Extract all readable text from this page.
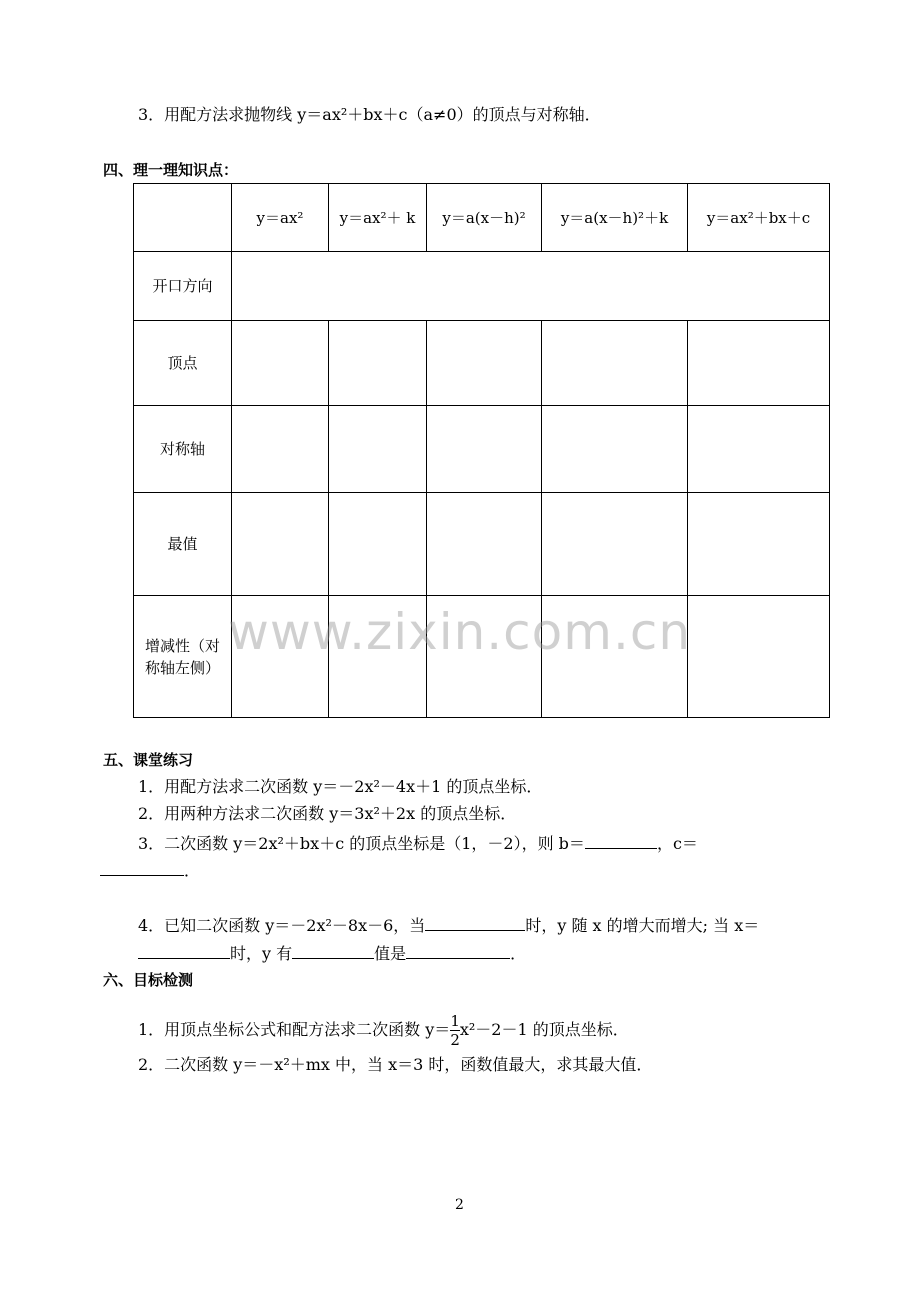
3．用配方法求抛物线 y＝ax²＋bx＋c（a≠0）的顶点与对称轴．
四、理一理知识点：
	y＝ax²	y＝ax²＋ k	y＝a(x－h)²	y＝a(x－h)²＋k	y＝ax²＋bx＋c
开口方向					
顶点					
对称轴					
最值					
增减性（对称轴左侧）					
www.zixin.com.cn
五、课堂练习
1．用配方法求二次函数 y＝－2x²－4x＋1 的顶点坐标．
2．用两种方法求二次函数 y＝3x²＋2x 的顶点坐标．
3．二次函数 y＝2x²＋bx＋c 的顶点坐标是（1，－2），则 b＝	，c＝
．
4．已知二次函数 y＝－2x²－8x－6，当	时，y 随 x 的增大而增大; 当 x＝
时，y 有	值是	．
六、目标检测
1．用顶点坐标公式和配方法求二次函数 $y= \frac{1}{2} x^2-2-1$ 的顶点坐标．
2．二次函数 y＝－x²＋mx 中，当 x＝3 时，函数值最大，求其最大值．
2
